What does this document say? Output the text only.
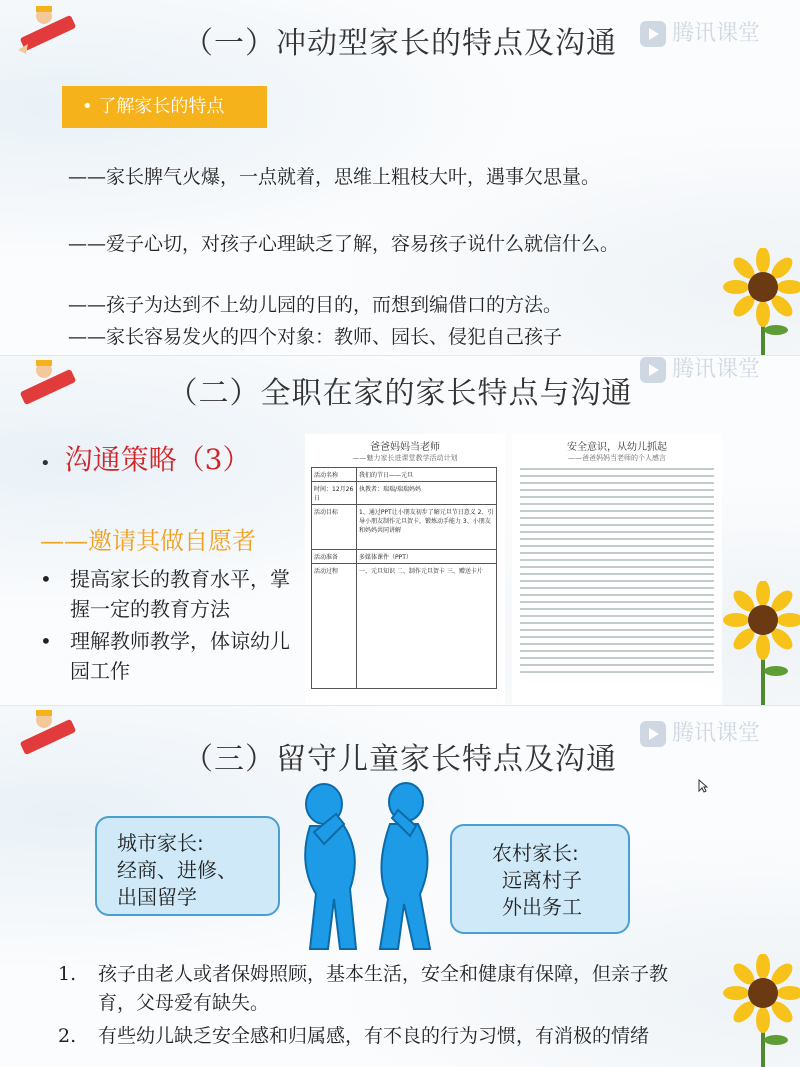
（一）冲动型家长的特点及沟通	腾讯课堂
• 了解家长的特点
——家长脾气火爆，一点就着，思维上粗枝大叶，遇事欠思量。
——爱子心切，对孩子心理缺乏了解，容易孩子说什么就信什么。
——孩子为达到不上幼儿园的目的，而想到编借口的方法。
——家长容易发火的四个对象：教师、园长、侵犯自己孩子
（二）全职在家的家长特点与沟通
腾讯课堂
• 沟通策略（3）
——邀请其做自愿者
• 提高家长的教育水平，掌握一定的教育方法
• 理解教师教学，体谅幼儿园工作
爸爸妈妈当老师
——魅力家长进课堂教学活动计划
活动名称	我们的节日——元旦
时间：12月26日	执教者：瑞瑞/瑞瑞妈妈
活动目标	1、通过PPT让小朋友初步了解元旦节日意义 2、引导小朋友制作元旦贺卡，锻炼动手能力 3、小朋友和妈妈共同讲解
活动准备	多媒体课件（PPT）
活动过程	一、元旦知识 二、制作元旦贺卡 三、赠送卡片
安全意识，从幼儿抓起
——爸爸妈妈当老师的个人感言
腾讯课堂
（三）留守儿童家长特点及沟通
城市家长:
经商、进修、
出国留学
农村家长:
远离村子
外出务工
1.	孩子由老人或者保姆照顾，基本生活，安全和健康有保障，但亲子教育，父母爱有缺失。
2.	有些幼儿缺乏安全感和归属感，有不良的行为习惯，有消极的情绪
